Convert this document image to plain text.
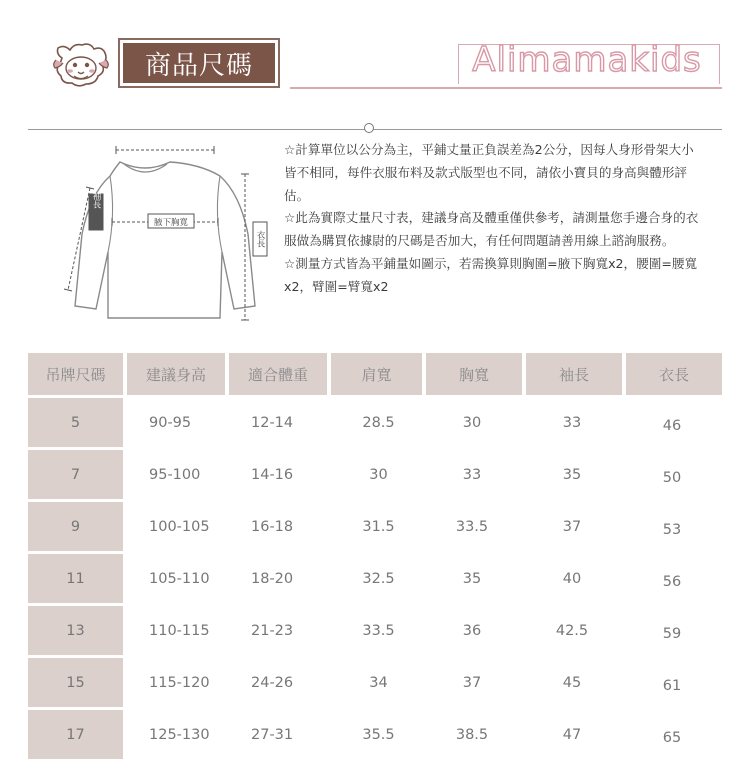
商品尺碼	Alimamakids
腋下胸寬
衣長
袖長

☆計算單位以公分為主，平鋪丈量正負誤差為2公分，因每人身形骨架大小皆不相同，每件衣服布料及款式版型也不同，請依小寶貝的身高與體形評估。

☆此為實際丈量尺寸表，建議身高及體重僅供參考，請測量您手邊合身的衣服做為購買依據尉的尺碼是否加大，有任何問題請善用線上諮詢服務。

☆測量方式皆為平鋪量如圖示，若需換算則胸圍=腋下胸寬x2，腰圍=腰寬x2，臂圍=臂寬x2

吊牌尺碼	建議身高	適合體重	肩寬	胸寬	袖長	衣長
5	90-95	12-14	28.5	30	33	46
7	95-100	14-16	30	33	35	50
9	100-105	16-18	31.5	33.5	37	53
11	105-110	18-20	32.5	35	40	56
13	110-115	21-23	33.5	36	42.5	59
15	115-120	24-26	34	37	45	61
17	125-130	27-31	35.5	38.5	47	65
